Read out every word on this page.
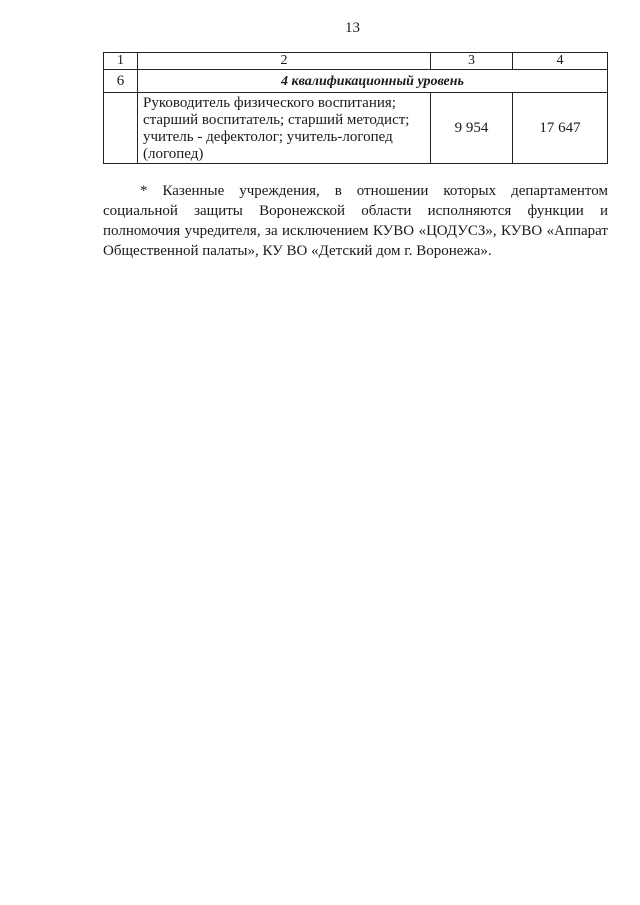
13
1	2	3	4
6	4 квалификационный уровень		
	Руководитель физического воспитания; старший воспитатель; старший методист; учитель - дефектолог; учитель-логопед (логопед)	9 954	17 647

* Казенные учреждения, в отношении которых департаментом социальной защиты Воронежской области исполняются функции и полномочия учредителя, за исключением КУВО «ЦОДУСЗ», КУВО «Аппарат Общественной палаты», КУ ВО «Детский дом г. Воронежа».
